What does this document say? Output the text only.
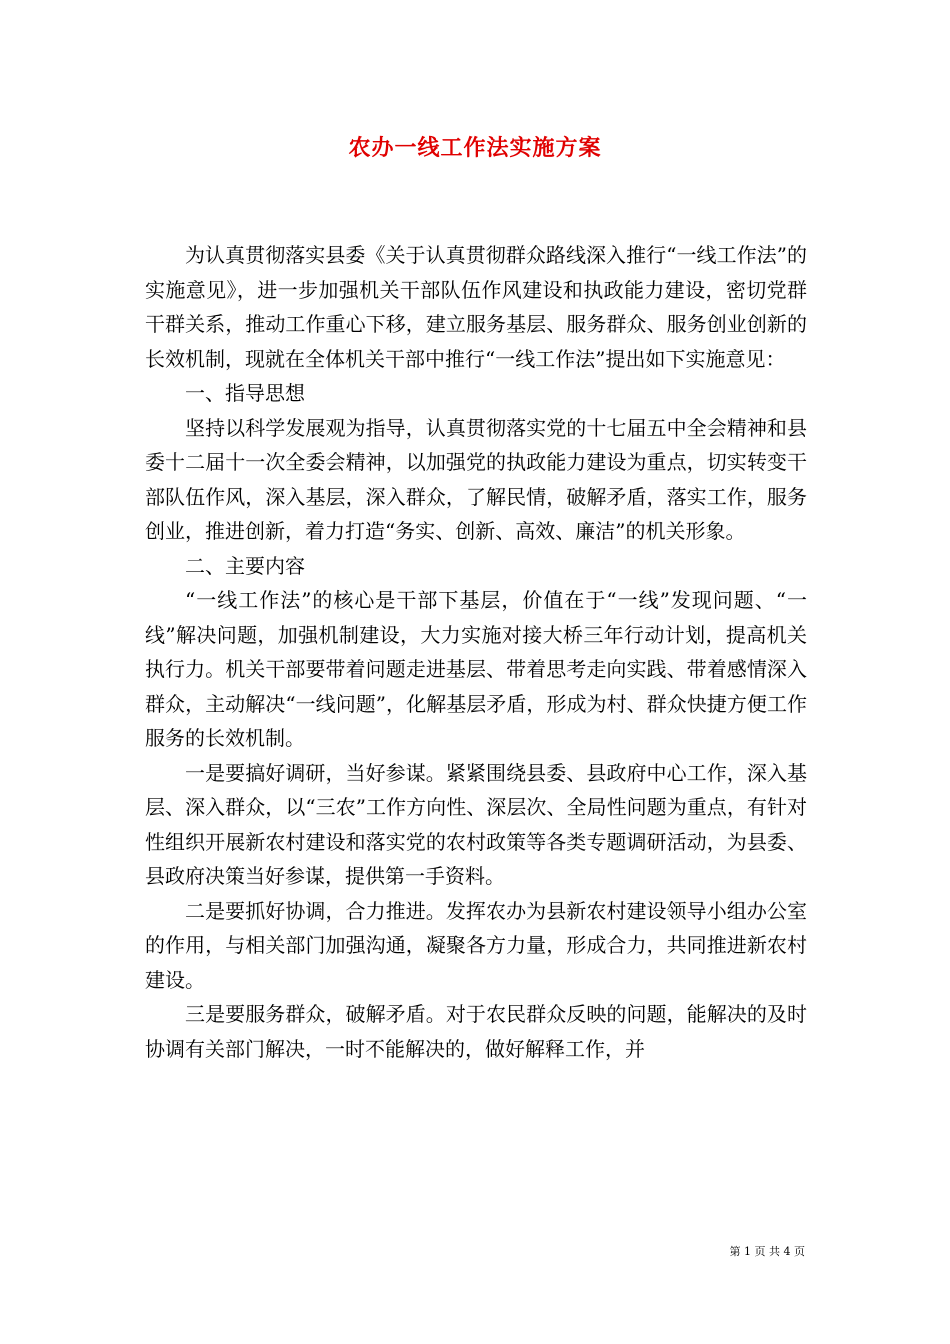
农办一线工作法实施方案

为认真贯彻落实县委《关于认真贯彻群众路线深入推行“一线工作法”的实施意见》，进一步加强机关干部队伍作风建设和执政能力建设，密切党群干群关系，推动工作重心下移，建立服务基层、服务群众、服务创业创新的长效机制，现就在全体机关干部中推行“一线工作法”提出如下实施意见：

一、指导思想

坚持以科学发展观为指导，认真贯彻落实党的十七届五中全会精神和县委十二届十一次全委会精神，以加强党的执政能力建设为重点，切实转变干部队伍作风，深入基层，深入群众，了解民情，破解矛盾，落实工作，服务创业，推进创新，着力打造“务实、创新、高效、廉洁”的机关形象。

二、主要内容

“一线工作法”的核心是干部下基层，价值在于“一线”发现问题、“一线”解决问题，加强机制建设，大力实施对接大桥三年行动计划，提高机关执行力。机关干部要带着问题走进基层、带着思考走向实践、带着感情深入群众，主动解决“一线问题”，化解基层矛盾，形成为村、群众快捷方便工作服务的长效机制。

一是要搞好调研，当好参谋。紧紧围绕县委、县政府中心工作，深入基层、深入群众，以“三农”工作方向性、深层次、全局性问题为重点，有针对性组织开展新农村建设和落实党的农村政策等各类专题调研活动，为县委、县政府决策当好参谋，提供第一手资料。

二是要抓好协调，合力推进。发挥农办为县新农村建设领导小组办公室的作用，与相关部门加强沟通，凝聚各方力量，形成合力，共同推进新农村建设。

三是要服务群众，破解矛盾。对于农民群众反映的问题，能解决的及时协调有关部门解决，一时不能解决的，做好解释工作，并

第 1 页 共 4 页
